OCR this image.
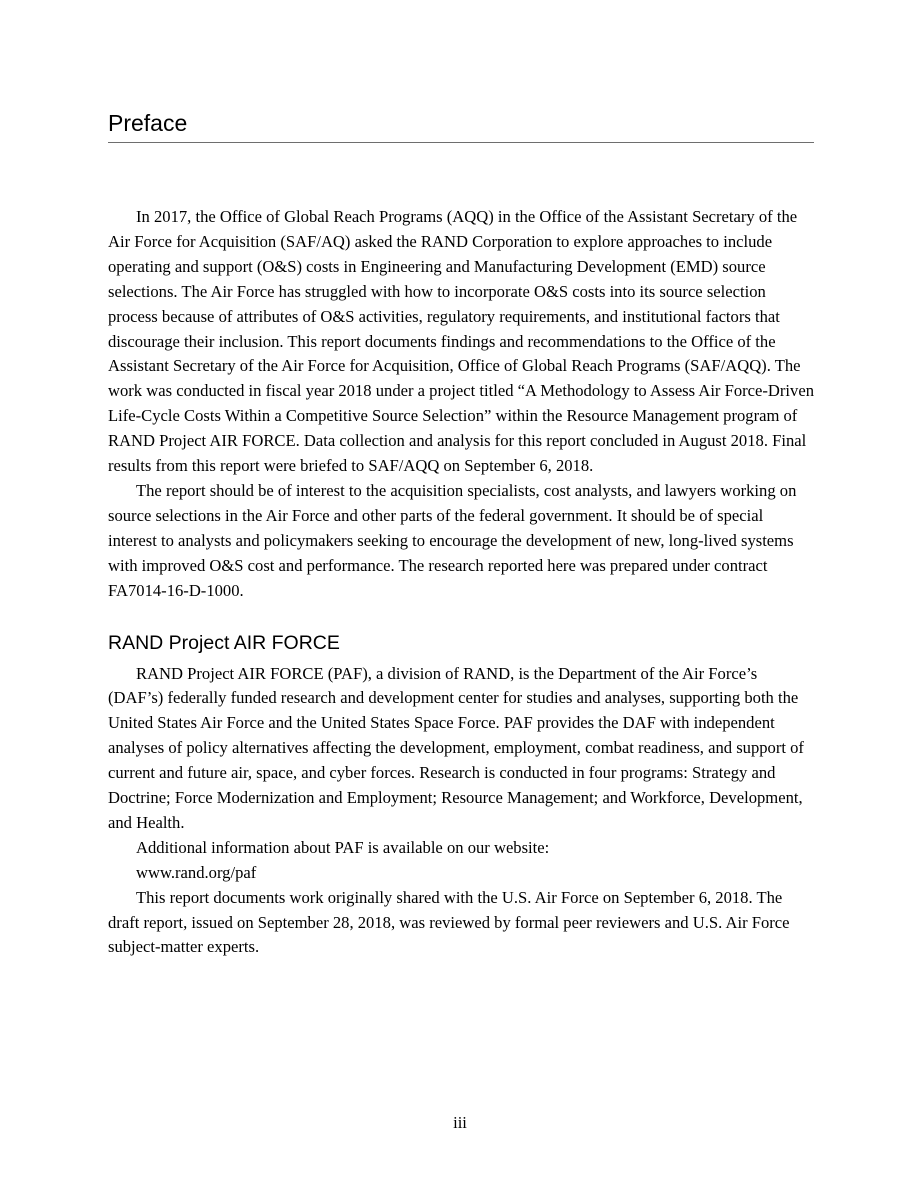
Preface

In 2017, the Office of Global Reach Programs (AQQ) in the Office of the Assistant Secretary of the Air Force for Acquisition (SAF/AQ) asked the RAND Corporation to explore approaches to include operating and support (O&S) costs in Engineering and Manufacturing Development (EMD) source selections. The Air Force has struggled with how to incorporate O&S costs into its source selection process because of attributes of O&S activities, regulatory requirements, and institutional factors that discourage their inclusion. This report documents findings and recommendations to the Office of the Assistant Secretary of the Air Force for Acquisition, Office of Global Reach Programs (SAF/AQQ). The work was conducted in fiscal year 2018 under a project titled “A Methodology to Assess Air Force-Driven Life-Cycle Costs Within a Competitive Source Selection” within the Resource Management program of RAND Project AIR FORCE. Data collection and analysis for this report concluded in August 2018. Final results from this report were briefed to SAF/AQQ on September 6, 2018.

The report should be of interest to the acquisition specialists, cost analysts, and lawyers working on source selections in the Air Force and other parts of the federal government. It should be of special interest to analysts and policymakers seeking to encourage the development of new, long-lived systems with improved O&S cost and performance. The research reported here was prepared under contract FA7014-16-D-1000.

RAND Project AIR FORCE

RAND Project AIR FORCE (PAF), a division of RAND, is the Department of the Air Force’s (DAF’s) federally funded research and development center for studies and analyses, supporting both the United States Air Force and the United States Space Force. PAF provides the DAF with independent analyses of policy alternatives affecting the development, employment, combat readiness, and support of current and future air, space, and cyber forces. Research is conducted in four programs: Strategy and Doctrine; Force Modernization and Employment; Resource Management; and Workforce, Development, and Health.

Additional information about PAF is available on our website:

www.rand.org/paf

This report documents work originally shared with the U.S. Air Force on September 6, 2018. The draft report, issued on September 28, 2018, was reviewed by formal peer reviewers and U.S. Air Force subject-matter experts.

iii
